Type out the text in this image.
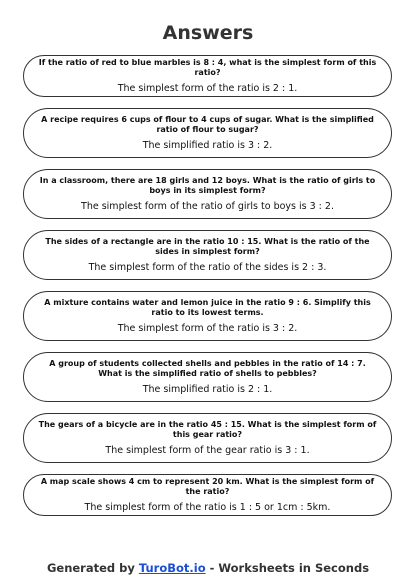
Answers
If the ratio of red to blue marbles is 8 : 4, what is the simplest form of this ratio?
The simplest form of the ratio is 2 : 1.
A recipe requires 6 cups of flour to 4 cups of sugar. What is the simplified ratio of flour to sugar?
The simplified ratio is 3 : 2.
In a classroom, there are 18 girls and 12 boys. What is the ratio of girls to boys in its simplest form?
The simplest form of the ratio of girls to boys is 3 : 2.
The sides of a rectangle are in the ratio 10 : 15. What is the ratio of the sides in simplest form?
The simplest form of the ratio of the sides is 2 : 3.
A mixture contains water and lemon juice in the ratio 9 : 6. Simplify this ratio to its lowest terms.
The simplest form of the ratio is 3 : 2.
A group of students collected shells and pebbles in the ratio of 14 : 7. What is the simplified ratio of shells to pebbles?
The simplified ratio is 2 : 1.
The gears of a bicycle are in the ratio 45 : 15. What is the simplest form of this gear ratio?
The simplest form of the gear ratio is 3 : 1.
A map scale shows 4 cm to represent 20 km. What is the simplest form of the ratio?
The simplest form of the ratio is 1 : 5 or 1cm : 5km.
Generated by TuroBot.io - Worksheets in Seconds
